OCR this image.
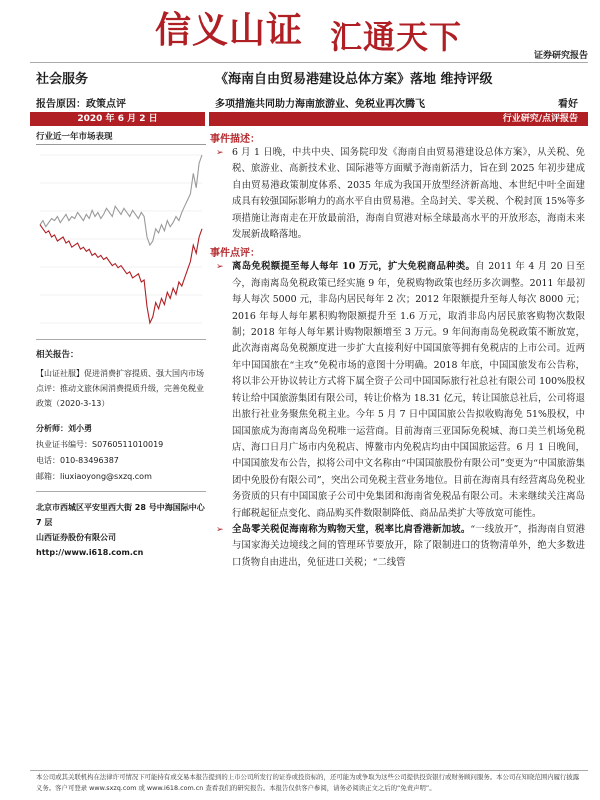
信义山证 汇通天下	证券研究报告
社会服务	《海南自由贸易港建设总体方案》落地 维持评级
报告原因：政策点评	多项措施共同助力海南旅游业、免税业再次腾飞	看好
2020 年 6 月 2 日	行业研究/点评报告
行业近一年市场表现
相关报告：
【山证社服】促进消费扩容提质、强大国内市场点评：推动文旅休闲消费提质升级，完善免税业政策（2020-3-13）
分析师：刘小勇
执业证书编号：S0760511010019
电话：010-83496387
邮箱：liuxiaoyong@sxzq.com
北京市西城区平安里西大街 28 号中海国际中心 7 层
山西证券股份有限公司
http://www.i618.com.cn
事件描述：
➢ 6 月 1 日晚，中共中央、国务院印发《海南自由贸易港建设总体方案》，从关税、免税、旅游业、高新技术业、国际港等方面赋予海南新活力，旨在到 2025 年初步建成自由贸易港政策制度体系、2035 年成为我国开放型经济新高地、本世纪中叶全面建成具有较强国际影响力的高水平自由贸易港。全岛封关、零关税、个税封顶 15%等多项措施让海南走在开放最前沿，海南自贸港对标全球最高水平的开放形态，海南未来发展新战略落地。
事件点评：
➢ 离岛免税额提至每人每年 10 万元，扩大免税商品种类。自 2011 年 4 月 20 日至今，海南离岛免税政策已经实施 9 年，免税购物政策也经历多次调整。2011 年最初每人每次 5000 元，非岛内居民每年 2 次；2012 年限额提升至每人每次 8000 元；2016 年每人每年累积购物限额提升至 1.6 万元，取消非岛内居民旅客购物次数限制；2018 年每人每年累计购物限额增至 3 万元。9 年间海南岛免税政策不断放宽，此次海南离岛免税额度进一步扩大直接利好中国国旅等拥有免税店的上市公司。近两年中国国旅在“主攻”免税市场的意图十分明确。2018 年底，中国国旅发布公告称，将以非公开协议转让方式将下属全资子公司中国国际旅行社总社有限公司 100%股权转让给中国旅游集团有限公司，转让价格为 18.31 亿元，转让国旅总社后，公司将退出旅行社业务聚焦免税主业。今年 5 月 7 日中国国旅公告拟收购海免 51%股权，中国国旅成为海南离岛免税唯一运营商。目前海南三亚国际免税城、海口美兰机场免税店、海口日月广场市内免税店、博鳌市内免税店均由中国国旅运营。6 月 1 日晚间，中国国旅发布公告，拟将公司中文名称由“中国国旅股份有限公司”变更为“中国旅游集团中免股份有限公司”，突出公司免税主营业务地位。目前在海南具有经营离岛免税业务资质的只有中国国旅子公司中免集团和海南省免税品有限公司。未来继续关注离岛行邮税起征点变化、商品购买件数限制降低、商品品类扩大等放宽可能性。
➢ 全岛零关税促海南称为购物天堂，税率比肩香港新加坡。“一线放开”，指海南自贸港与国家海关边境线之间的管理环节要放开，除了限制进口的货物清单外，绝大多数进口货物自由进出，免征进口关税；“二线管
本公司或其关联机构在法律许可情况下可能持有或交易本报告提到的上市公司所发行的证券或投资标的，还可能为或争取为这些公司提供投资银行或财务顾问服务。本公司在知晓范围内履行披露义务。客户可登录 www.sxzq.com 或 www.i618.com.cn 查看我们的研究报告。本报告仅供客户参阅，请务必阅读正文之后的“免责声明”。
